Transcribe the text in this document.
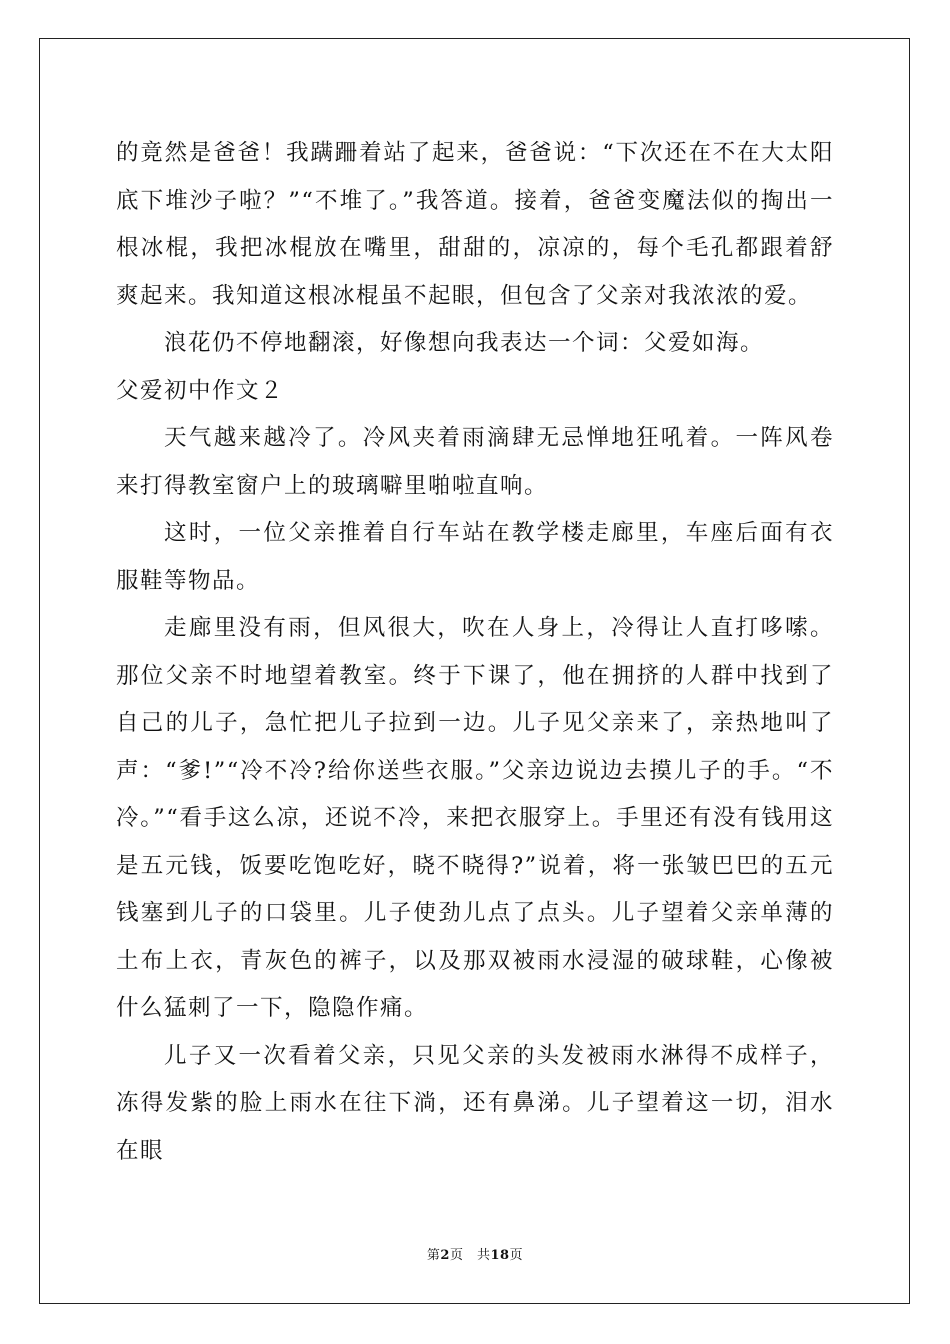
的竟然是爸爸！我蹒跚着站了起来，爸爸说：“下次还在不在大太阳底下堆沙子啦？”“不堆了。”我答道。接着，爸爸变魔法似的掏出一根冰棍，我把冰棍放在嘴里，甜甜的，凉凉的，每个毛孔都跟着舒爽起来。我知道这根冰棍虽不起眼，但包含了父亲对我浓浓的爱。

浪花仍不停地翻滚，好像想向我表达一个词：父爱如海。

父爱初中作文２

天气越来越冷了。冷风夹着雨滴肆无忌惮地狂吼着。一阵风卷来打得教室窗户上的玻璃噼里啪啦直响。

这时，一位父亲推着自行车站在教学楼走廊里，车座后面有衣服鞋等物品。

走廊里没有雨，但风很大，吹在人身上，冷得让人直打哆嗦。那位父亲不时地望着教室。终于下课了，他在拥挤的人群中找到了自己的儿子，急忙把儿子拉到一边。儿子见父亲来了，亲热地叫了声：“爹!”“冷不冷?给你送些衣服。”父亲边说边去摸儿子的手。“不冷。”“看手这么凉，还说不冷，来把衣服穿上。手里还有没有钱用这是五元钱，饭要吃饱吃好，晓不晓得?”说着，将一张皱巴巴的五元钱塞到儿子的口袋里。儿子使劲儿点了点头。儿子望着父亲单薄的土布上衣，青灰色的裤子，以及那双被雨水浸湿的破球鞋，心像被什么猛刺了一下，隐隐作痛。

儿子又一次看着父亲，只见父亲的头发被雨水淋得不成样子，冻得发紫的脸上雨水在往下淌，还有鼻涕。儿子望着这一切，泪水在眼

第2页　共18页
